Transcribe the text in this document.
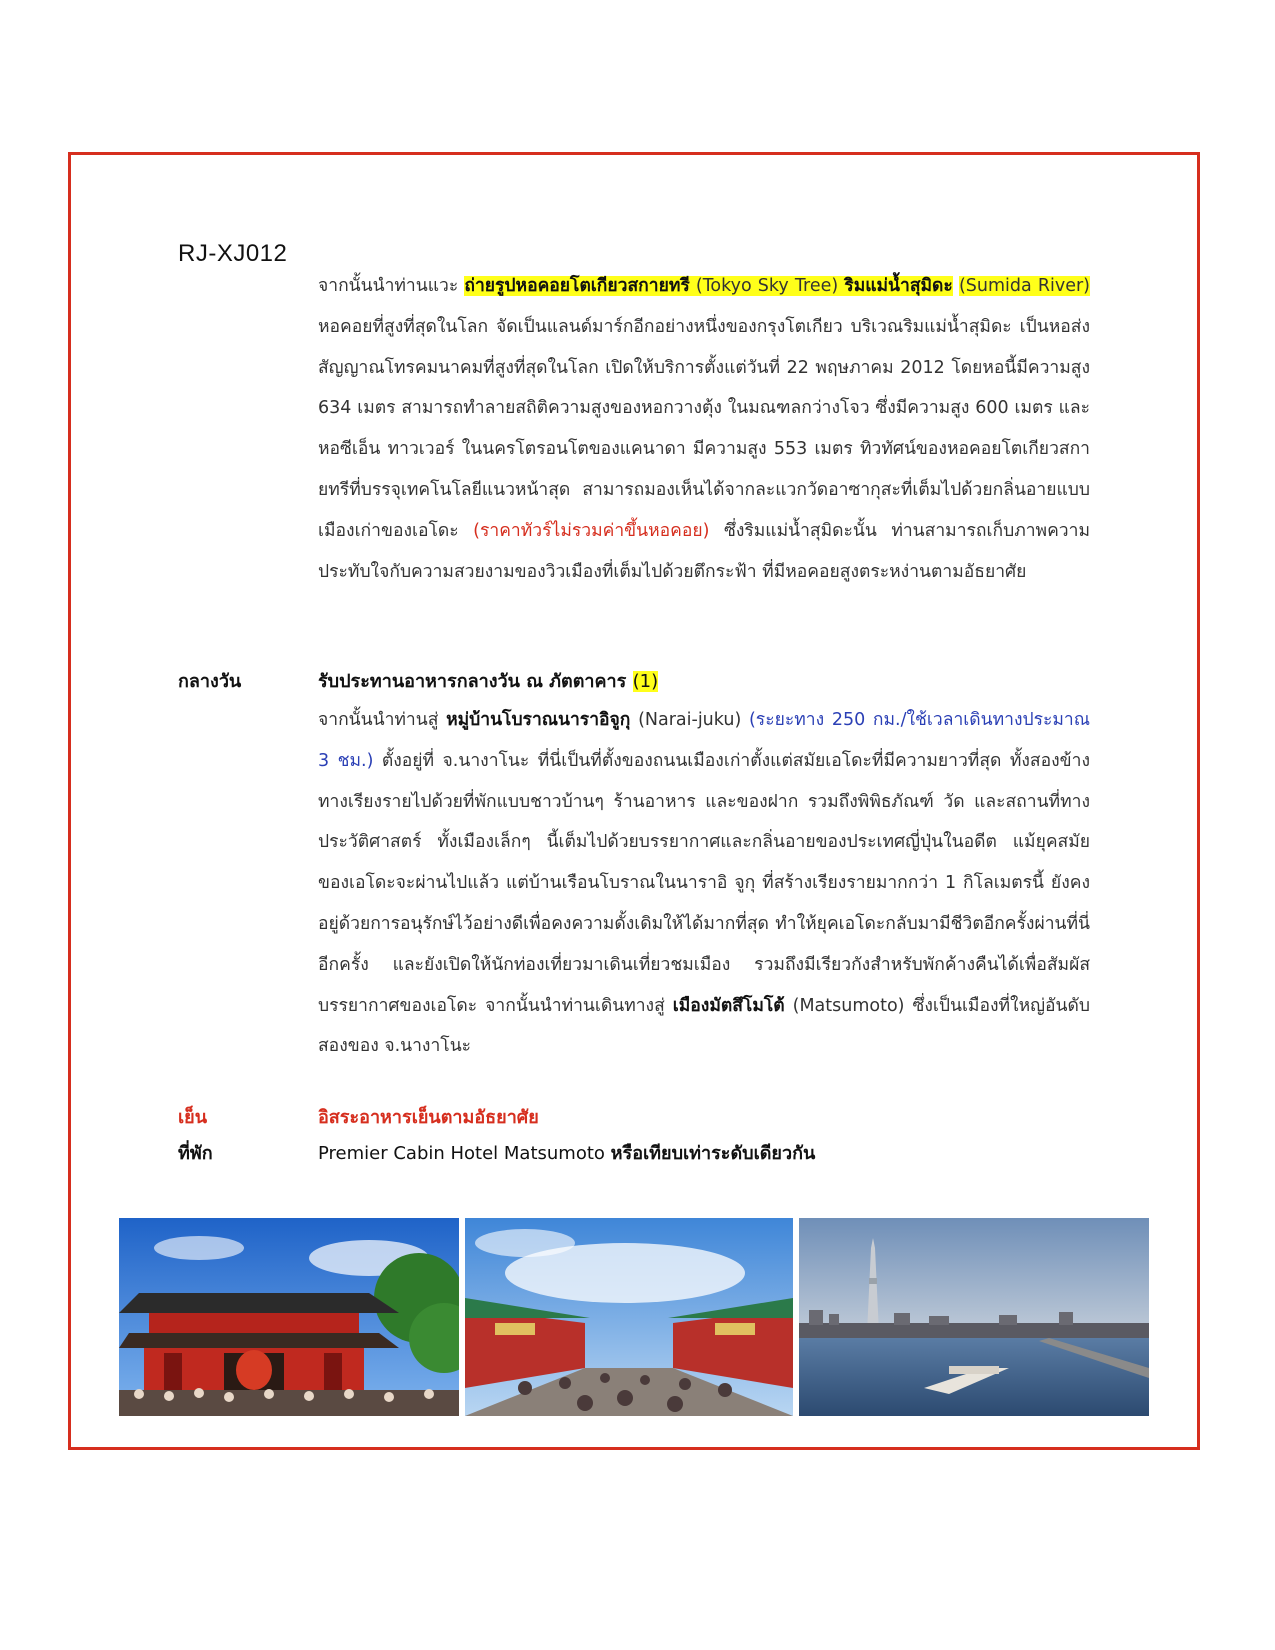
RJ-XJ012
จากนั้นนำท่านแวะ ถ่ายรูปหอคอยโตเกียวสกายทรี (Tokyo Sky Tree) ริมแม่น้ำสุมิดะ (Sumida River) หอคอยที่สูงที่สุดในโลก จัดเป็นแลนด์มาร์กอีกอย่างหนึ่งของกรุงโตเกียว บริเวณริมแม่น้ำสุมิดะ เป็นหอส่งสัญญาณโทรคมนาคมที่สูงที่สุดในโลก เปิดให้บริการตั้งแต่วันที่ 22 พฤษภาคม 2012 โดยหอนี้มีความสูง 634 เมตร สามารถทำลายสถิติความสูงของหอกวางตุ้ง ในมณฑลกว่างโจว ซึ่งมีความสูง 600 เมตร และหอซีเอ็น ทาวเวอร์ ในนครโตรอนโตของแคนาดา มีความสูง 553 เมตร ทิวทัศน์ของหอคอยโตเกียวสกายทรีที่บรรจุเทคโนโลยีแนวหน้าสุด สามารถมองเห็นได้จากละแวกวัดอาซากุสะที่เต็มไปด้วยกลิ่นอายแบบเมืองเก่าของเอโดะ (ราคาทัวร์ไม่รวมค่าขึ้นหอคอย) ซึ่งริมแม่น้ำสุมิดะนั้น ท่านสามารถเก็บภาพความประทับใจกับความสวยงามของวิวเมืองที่เต็มไปด้วยตึกระฟ้า ที่มีหอคอยสูงตระหง่านตามอัธยาศัย
กลางวัน	รับประทานอาหารกลางวัน ณ ภัตตาคาร (1)
จากนั้นนำท่านสู่ หมู่บ้านโบราณนาราอิจูกุ (Narai-juku) (ระยะทาง 250 กม./ใช้เวลาเดินทางประมาณ 3 ชม.) ตั้งอยู่ที่ จ.นางาโนะ ที่นี่เป็นที่ตั้งของถนนเมืองเก่าตั้งแต่สมัยเอโดะที่มีความยาวที่สุด ทั้งสองข้างทางเรียงรายไปด้วยที่พักแบบชาวบ้านๆ ร้านอาหาร และของฝาก รวมถึงพิพิธภัณฑ์ วัด และสถานที่ทางประวัติศาสตร์ ทั้งเมืองเล็กๆ นี้เต็มไปด้วยบรรยากาศและกลิ่นอายของประเทศญี่ปุ่นในอดีต แม้ยุคสมัยของเอโดะจะผ่านไปแล้ว แต่บ้านเรือนโบราณในนาราอิ จูกุ ที่สร้างเรียงรายมากกว่า 1 กิโลเมตรนี้ ยังคงอยู่ด้วยการอนุรักษ์ไว้อย่างดีเพื่อคงความดั้งเดิมให้ได้มากที่สุด ทำให้ยุคเอโดะกลับมามีชีวิตอีกครั้งผ่านที่นี่อีกครั้ง และยังเปิดให้นักท่องเที่ยวมาเดินเที่ยวชมเมือง รวมถึงมีเรียวกังสำหรับพักค้างคืนได้เพื่อสัมผัสบรรยากาศของเอโดะ จากนั้นนำท่านเดินทางสู่ เมืองมัตสึโมโต้ (Matsumoto) ซึ่งเป็นเมืองที่ใหญ่อันดับสองของ จ.นางาโนะ
เย็น	อิสระอาหารเย็นตามอัธยาศัย
ที่พัก	Premier Cabin Hotel Matsumoto หรือเทียบเท่าระดับเดียวกัน
